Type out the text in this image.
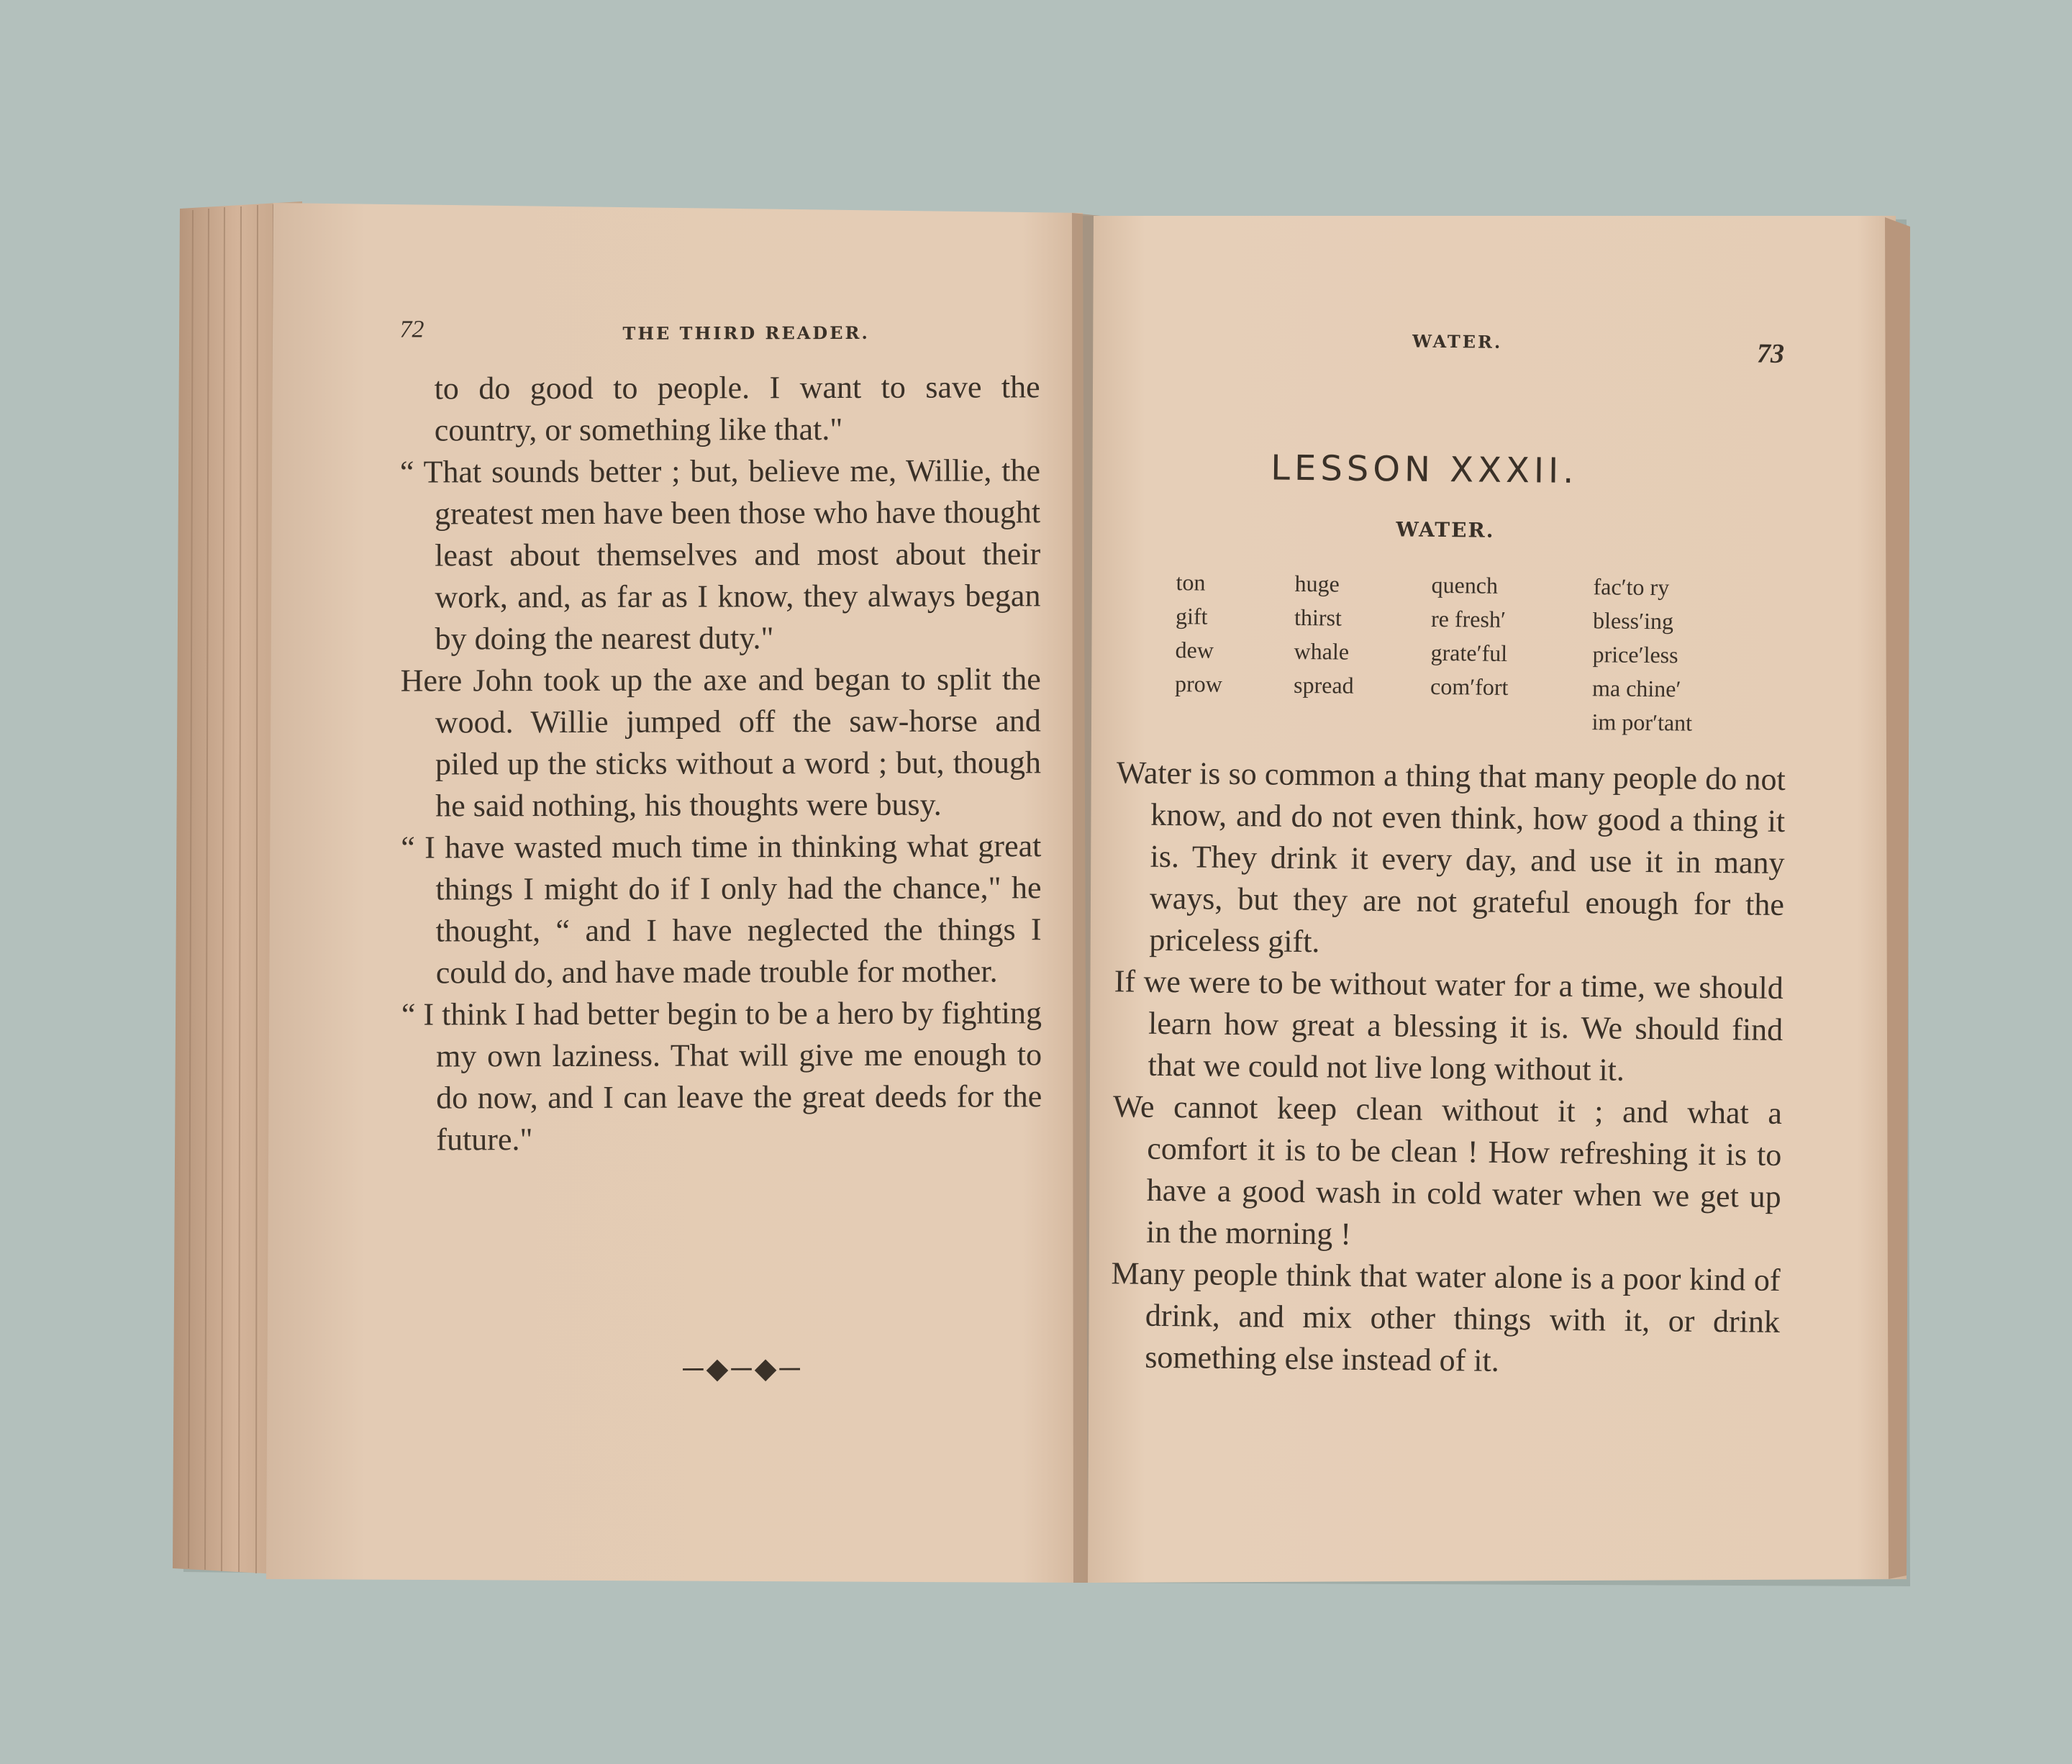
72	THE THIRD READER.

to do good to people. I want to save the country, or something like that."

“ That sounds better ; but, believe me, Willie, the greatest men have been those who have thought least about themselves and most about their work, and, as far as I know, they always began by doing the nearest duty."

Here John took up the axe and began to split the wood. Willie jumped off the saw-horse and piled up the sticks without a word ; but, though he said nothing, his thoughts were busy.

“ I have wasted much time in thinking what great things I might do if I only had the chance," he thought, “ and I have neglected the things I could do, and have made trouble for mother.

“ I think I had better begin to be a hero by fighting my own laziness. That will give me enough to do now, and I can leave the great deeds for the future."

─◆─◆─
WATER.	73
LESSON XXXII.
WATER.
ton
gift
dew
prow
huge
thirst
whale
spread
quench
re fresh′
grate′ful
com′fort
fac′to ry
bless′ing
price′less
ma chine′
im por′tant

Water is so common a thing that many people do not know, and do not even think, how good a thing it is. They drink it every day, and use it in many ways, but they are not grateful enough for the priceless gift.

If we were to be without water for a time, we should learn how great a blessing it is. We should find that we could not live long without it.

We cannot keep clean without it ; and what a comfort it is to be clean ! How refreshing it is to have a good wash in cold water when we get up in the morning !

Many people think that water alone is a poor kind of drink, and mix other things with it, or drink something else instead of it.
